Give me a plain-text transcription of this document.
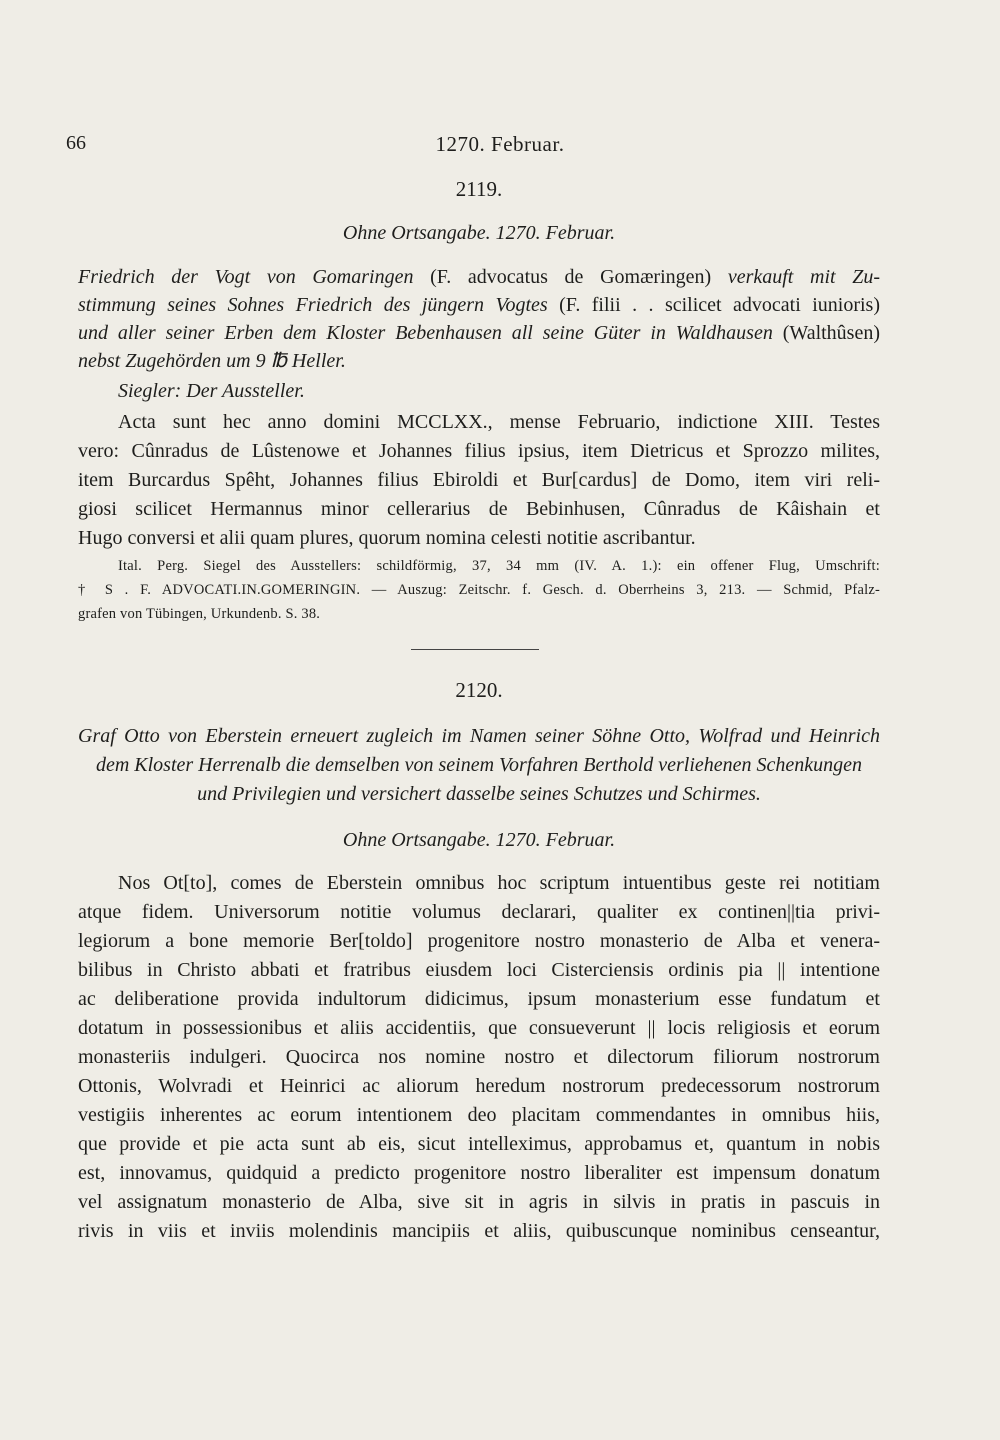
66	1270. Februar.
2119.
Ohne Ortsangabe. 1270. Februar.
Friedrich der Vogt von Gomaringen (F. advocatus de Gomæringen) verkauft mit Zu-
stimmung seines Sohnes Friedrich des jüngern Vogtes (F. filii . . scilicet advocati iunioris)
und aller seiner Erben dem Kloster Bebenhausen all seine Güter in Waldhausen (Walthûsen)
nebst Zugehörden um 9 ℔ Heller.
Siegler: Der Aussteller.
Acta sunt hec anno domini MCCLXX., mense Februario, indictione XIII. Testes
vero: Cûnradus de Lûstenowe et Johannes filius ipsius, item Dietricus et Sprozzo milites,
item Burcardus Spêht, Johannes filius Ebiroldi et Bur[cardus] de Domo, item viri reli-
giosi scilicet Hermannus minor cellerarius de Bebinhusen, Cûnradus de Kâishain et
Hugo conversi et alii quam plures, quorum nomina celesti notitie ascribantur.
Ital. Perg. Siegel des Ausstellers: schildförmig, 37, 34 mm (IV. A. 1.): ein offener Flug, Umschrift:
† S . F. ADVOCATI.IN.GOMERINGIN. — Auszug: Zeitschr. f. Gesch. d. Oberrheins 3, 213. — Schmid, Pfalz-
grafen von Tübingen, Urkundenb. S. 38.
2120.
Graf Otto von Eberstein erneuert zugleich im Namen seiner Söhne Otto, Wolfrad und Heinrich
dem Kloster Herrenalb die demselben von seinem Vorfahren Berthold verliehenen Schenkungen
und Privilegien und versichert dasselbe seines Schutzes und Schirmes.
Ohne Ortsangabe. 1270. Februar.
Nos Ot[to], comes de Eberstein omnibus hoc scriptum intuentibus geste rei notitiam
atque fidem. Universorum notitie volumus declarari, qualiter ex continen||tia privi-
legiorum a bone memorie Ber[toldo] progenitore nostro monasterio de Alba et venera-
bilibus in Christo abbati et fratribus eiusdem loci Cisterciensis ordinis pia || intentione
ac deliberatione provida indultorum didicimus, ipsum monasterium esse fundatum et
dotatum in possessionibus et aliis accidentiis, que consueverunt || locis religiosis et eorum
monasteriis indulgeri. Quocirca nos nomine nostro et dilectorum filiorum nostrorum
Ottonis, Wolvradi et Heinrici ac aliorum heredum nostrorum predecessorum nostrorum
vestigiis inherentes ac eorum intentionem deo placitam commendantes in omnibus hiis,
que provide et pie acta sunt ab eis, sicut intelleximus, approbamus et, quantum in nobis
est, innovamus, quidquid a predicto progenitore nostro liberaliter est impensum donatum
vel assignatum monasterio de Alba, sive sit in agris in silvis in pratis in pascuis in
rivis in viis et inviis molendinis mancipiis et aliis, quibuscunque nominibus censeantur,
